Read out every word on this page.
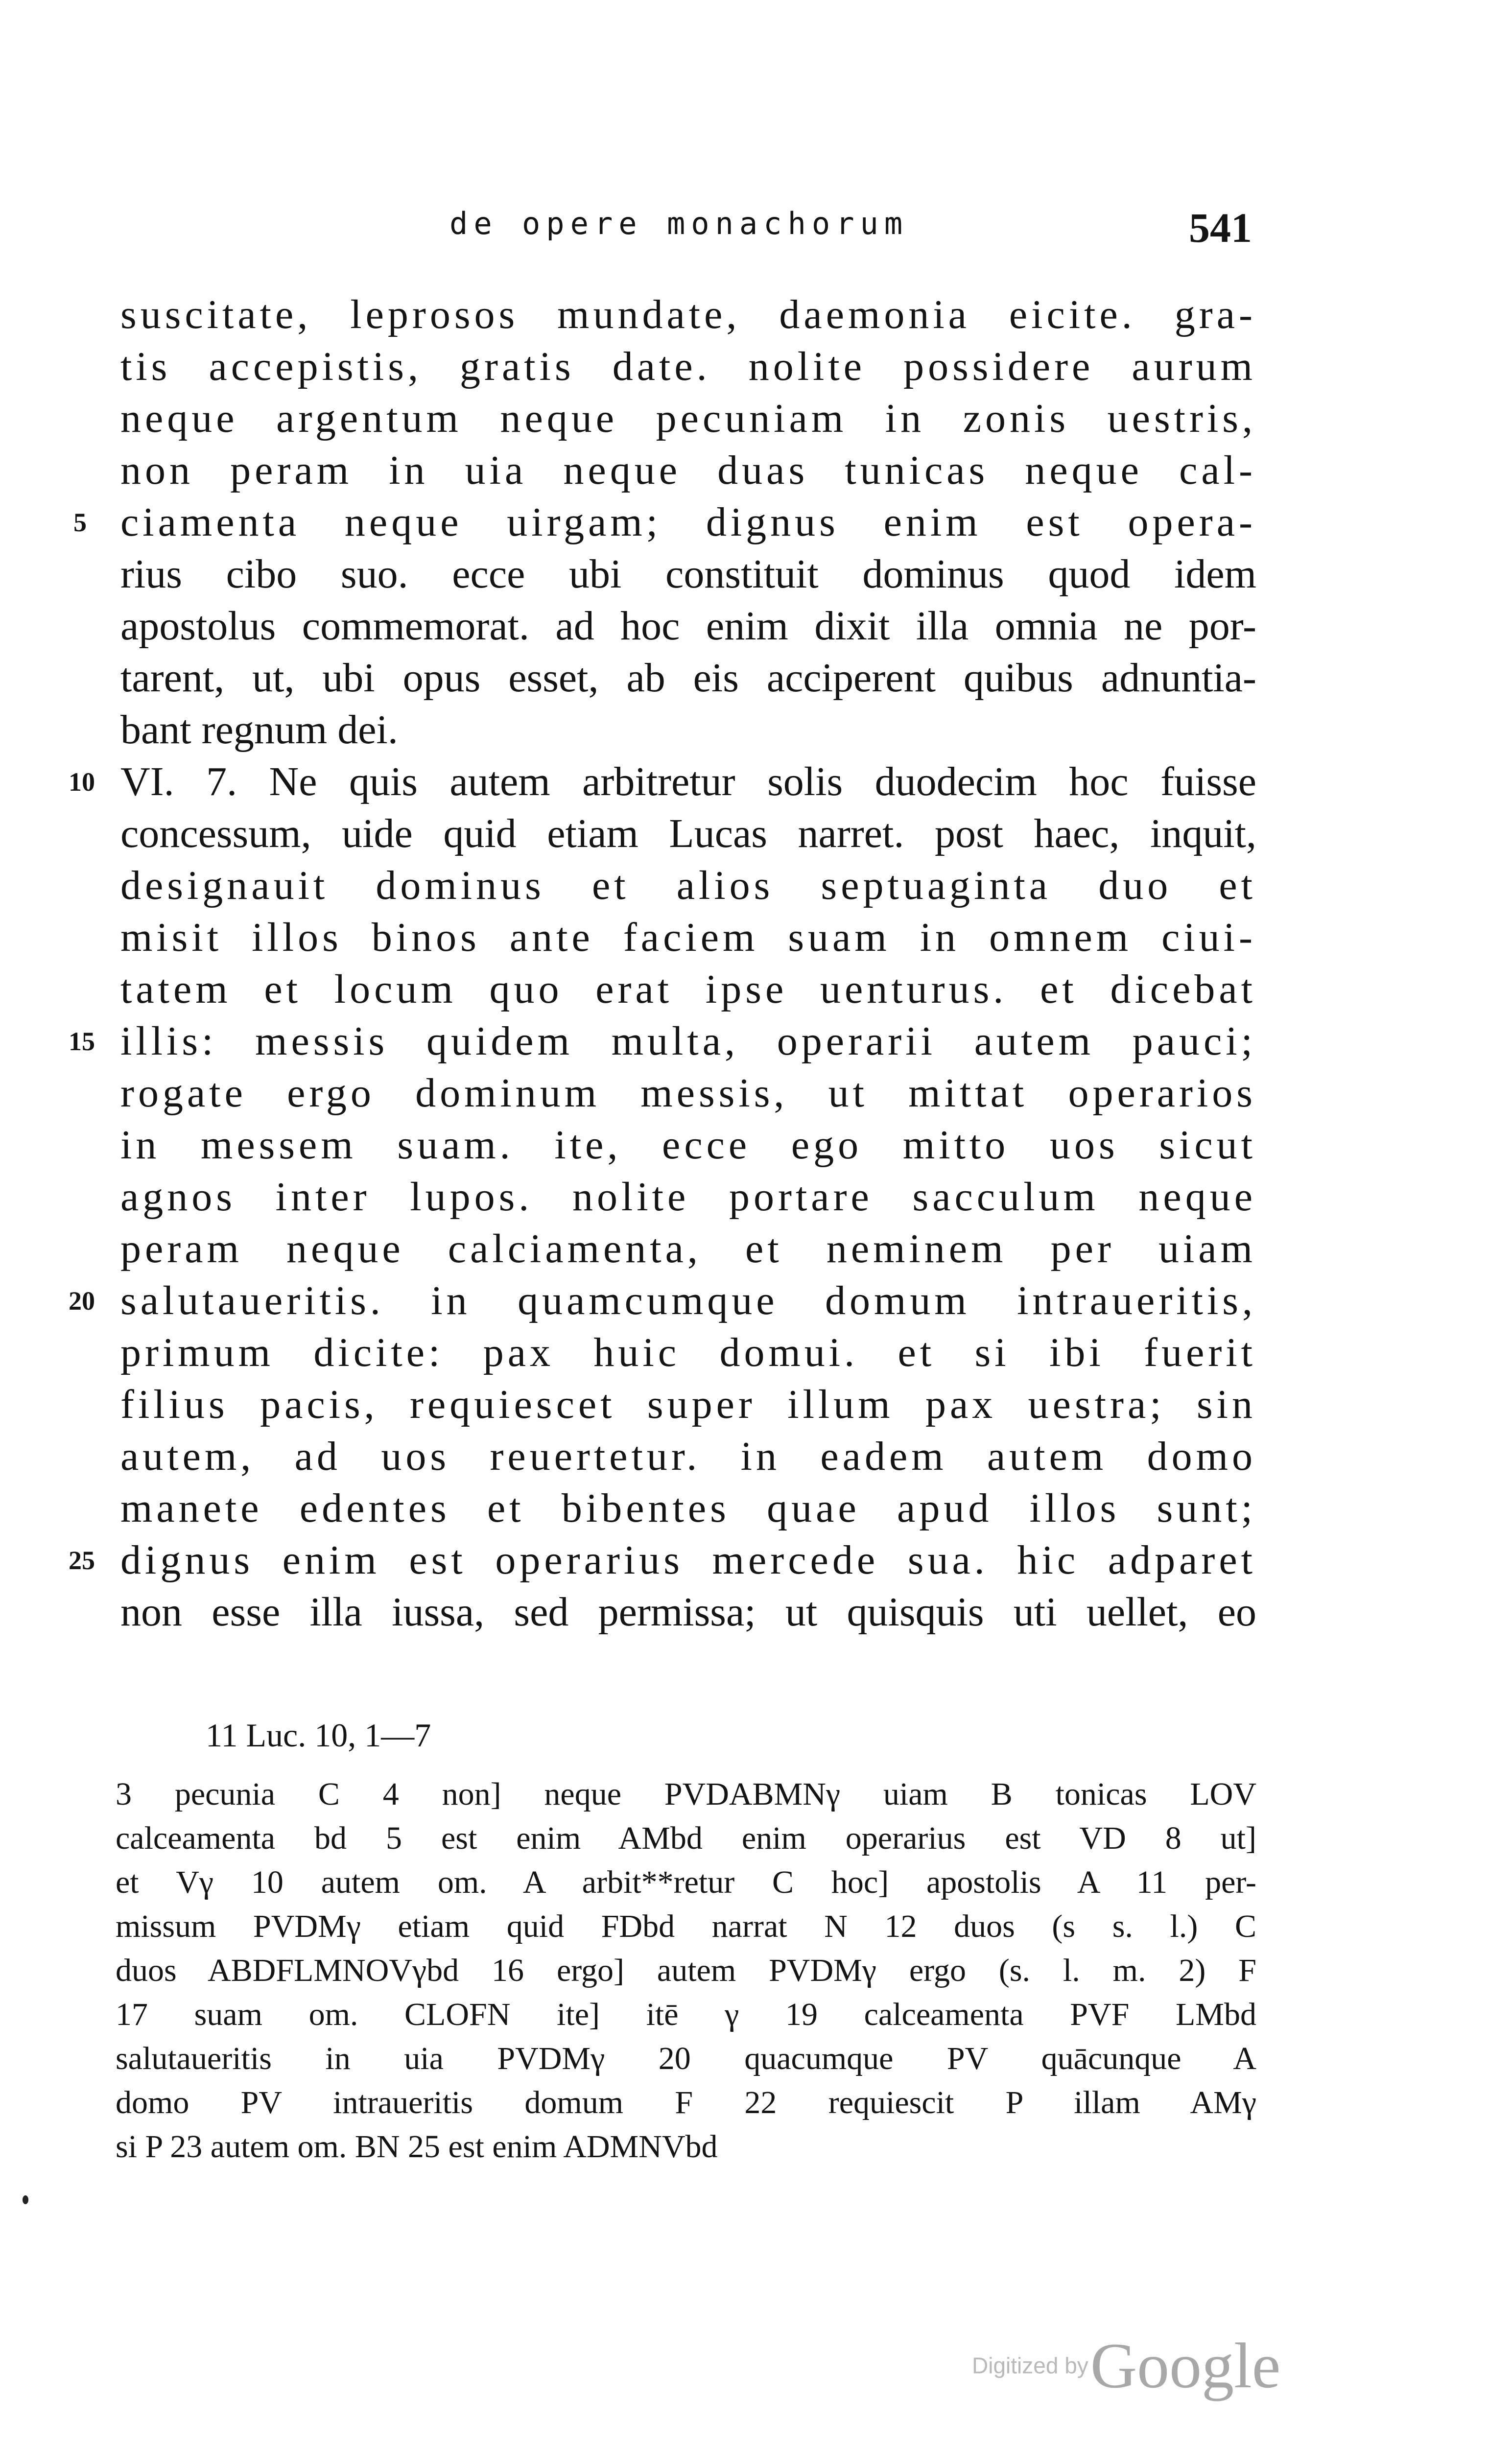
de opere monachorum	541
suscitate, leprosos mundate, daemonia eicite. gra-
tis accepistis, gratis date. nolite possidere aurum
neque argentum neque pecuniam in zonis uestris,
non peram in uia neque duas tunicas neque cal-
ciamenta neque uirgam; dignus enim est opera-
rius cibo suo. ecce ubi constituit dominus quod idem
apostolus commemorat. ad hoc enim dixit illa omnia ne por-
tarent, ut, ubi opus esset, ab eis acciperent quibus adnuntia-
bant regnum dei.
VI. 7. Ne quis autem arbitretur solis duodecim hoc fuisse
concessum, uide quid etiam Lucas narret. post haec, inquit,
designauit dominus et alios septuaginta duo et
misit illos binos ante faciem suam in omnem ciui-
tatem et locum quo erat ipse uenturus. et dicebat
illis: messis quidem multa, operarii autem pauci;
rogate ergo dominum messis, ut mittat operarios
in messem suam. ite, ecce ego mitto uos sicut
agnos inter lupos. nolite portare sacculum neque
peram neque calciamenta, et neminem per uiam
salutaueritis. in quamcumque domum intraueritis,
primum dicite: pax huic domui. et si ibi fuerit
filius pacis, requiescet super illum pax uestra; sin
autem, ad uos reuertetur. in eadem autem domo
manete edentes et bibentes quae apud illos sunt;
dignus enim est operarius mercede sua. hic adparet
non esse illa iussa, sed permissa; ut quisquis uti uellet, eo
5
10
15
20
25
11 Luc. 10, 1—7
3 pecunia C 4 non] neque PVDABMNγ uiam B tonicas LOV
calceamenta bd 5 est enim AMbd enim operarius est VD 8 ut]
et Vγ 10 autem om. A arbit**retur C hoc] apostolis A 11 per-
missum PVDMγ etiam quid FDbd narrat N 12 duos (s s. l.) C
duos ABDFLMNOVγbd 16 ergo] autem PVDMγ ergo (s. l. m. 2) F
17 suam om. CLOFN ite] itē γ 19 calceamenta PVF LMbd
salutaueritis in uia PVDMγ 20 quacumque PV quācunque A
domo PV intraueritis domum F 22 requiescit P illam AMγ
si P 23 autem om. BN 25 est enim ADMNVbd
Digitized by Google
